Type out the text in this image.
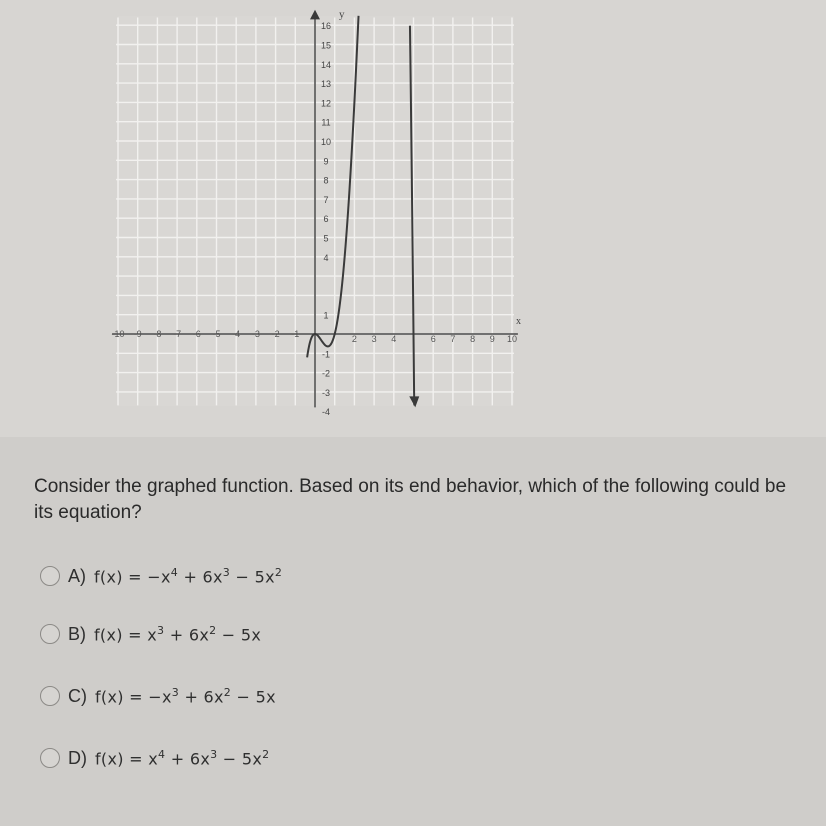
16
15
14
13
12
11
10
9
8
7
6
5
4
1
-1
-2
-3
-4
-10 -9 -8 -7 -6 -5 -4 -3 -2 -1	2 3 4	6 7 8 9 10
y
x
Consider the graphed function. Based on its end behavior, which of the following could be its equation?
A) $f(x) = -x^4 + 6x^3 - 5x^2$
B) $f(x) = x^3 + 6x^2 - 5x$
C) $f(x) = -x^3 + 6x^2 - 5x$
D) $f(x) = x^4 + 6x^3 - 5x^2$
